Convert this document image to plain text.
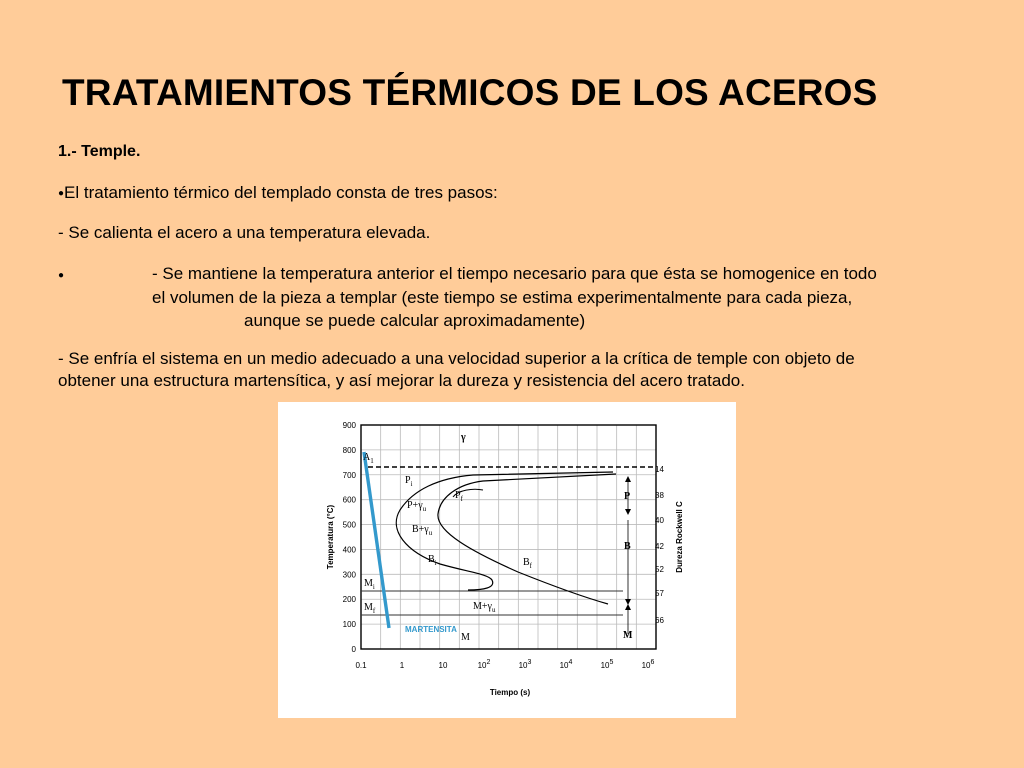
TRATAMIENTOS TÉRMICOS DE LOS ACEROS
1.- Temple.
●El tratamiento térmico del templado consta de tres pasos:
- Se calienta el acero a una temperatura elevada.
●	- Se mantiene la temperatura anterior el tiempo necesario para que ésta se homogenice en todo
el volumen de la pieza a templar (este tiempo se estima experimentalmente para cada pieza,
aunque se puede calcular aproximadamente)
- Se enfría el sistema en un medio adecuado a una velocidad superior a la crítica de temple con objeto de
obtener una estructura martensítica, y así mejorar la dureza y resistencia del acero tratado.
900
800
700
600
500
400
300
200
100
0
0.1	1	10	102	103	104	105	106
14
38
40
42
52
57
66
Temperatura (°C)
Tiempo (s)
Dureza Rockwell C
γ
$A_1$
$P_i$
$P_f$
$P+\gamma_u$
$B+\gamma_u$
$B_i$	$B_f$
$M_i$
$M_f$	$M+\gamma_u$
M
MARTENSITA
P
B
M
